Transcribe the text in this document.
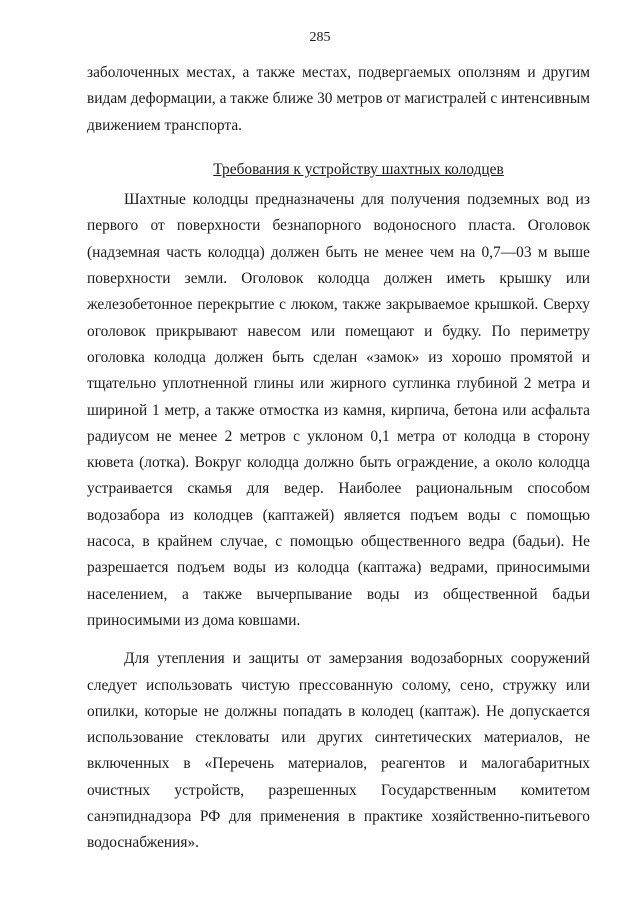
285

заболоченных местах, а также местах, подвергаемых оползням и другим видам деформации, а также ближе 30 метров от магистралей с интенсивным движением транспорта.

Требования к устройству шахтных колодцев

Шахтные колодцы предназначены для получения подземных вод из первого от поверхности безнапорного водоносного пласта. Оголовок (надземная часть колодца) должен быть не менее чем на 0,7—03 м выше поверхности земли. Оголовок колодца должен иметь крышку или железобетонное перекрытие с люком, также закрываемое крышкой. Сверху оголовок прикрывают навесом или помещают и будку. По периметру оголовка колодца должен быть сделан «замок» из хорошо промятой и тщательно уплотненной глины или жирного суглинка глубиной 2 метра и шириной 1 метр, а также отмостка из камня, кирпича, бетона или асфальта радиусом не менее 2 метров с уклоном 0,1 метра от колодца в сторону кювета (лотка). Вокруг колодца должно быть ограждение, а около колодца устраивается скамья для ведер. Наиболее рациональным способом водозабора из колодцев (каптажей) является подъем воды с помощью насоса, в крайнем случае, с помощью общественного ведра (бадьи). Не разрешается подъем воды из колодца (каптажа) ведрами, приносимыми населением, а также вычерпывание воды из общественной бадьи приносимыми из дома ковшами.

Для утепления и защиты от замерзания водозаборных сооружений следует использовать чистую прессованную солому, сено, стружку или опилки, которые не должны попадать в колодец (каптаж). Не допускается использование стекловаты или других синтетических материалов, не включенных в «Перечень материалов, реагентов и малогабаритных очистных устройств, разрешенных Государственным комитетом санэпиднадзора РФ для применения в практике хозяйственно-питьевого водоснабжения».
